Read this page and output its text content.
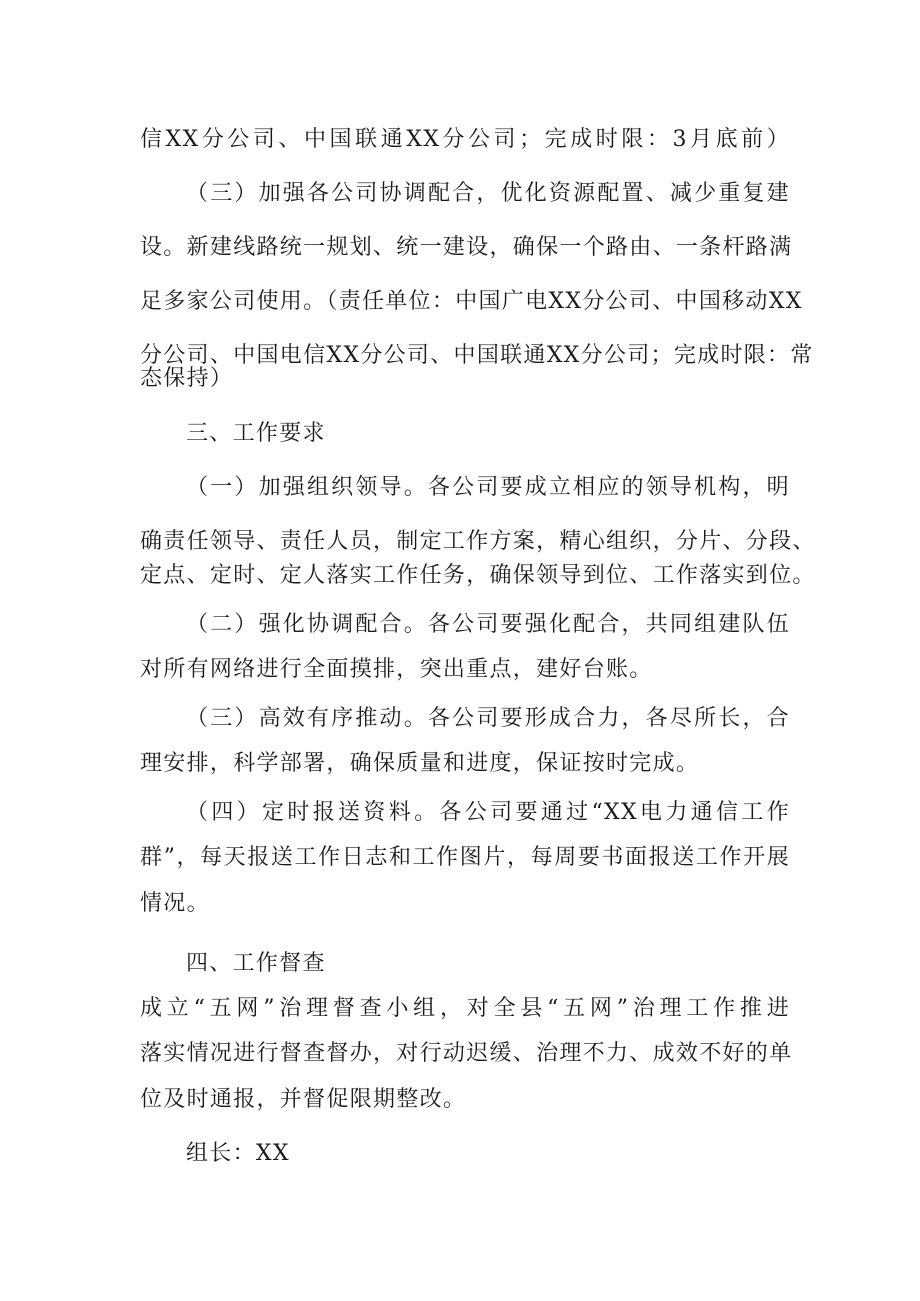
信XX分公司、中国联通XX分公司；完成时限：3月底前）
（三）加强各公司协调配合，优化资源配置、减少重复建
设。新建线路统一规划、统一建设，确保一个路由、一条杆路满
足多家公司使用。（责任单位：中国广电XX分公司、中国移动XX
分公司、中国电信XX分公司、中国联通XX分公司；完成时限：常
态保持）
三、工作要求
（一）加强组织领导。各公司要成立相应的领导机构，明
确责任领导、责任人员，制定工作方案，精心组织，分片、分段、
定点、定时、定人落实工作任务，确保领导到位、工作落实到位。
（二）强化协调配合。各公司要强化配合，共同组建队伍
对所有网络进行全面摸排，突出重点，建好台账。
（三）高效有序推动。各公司要形成合力，各尽所长，合
理安排，科学部署，确保质量和进度，保证按时完成。
（四）定时报送资料。各公司要通过“XX电力通信工作
群”，每天报送工作日志和工作图片，每周要书面报送工作开展
情况。
四、工作督查
成立“五网”治理督查小组，对全县“五网”治理工作推进
落实情况进行督查督办，对行动迟缓、治理不力、成效不好的单
位及时通报，并督促限期整改。
组长：XX
